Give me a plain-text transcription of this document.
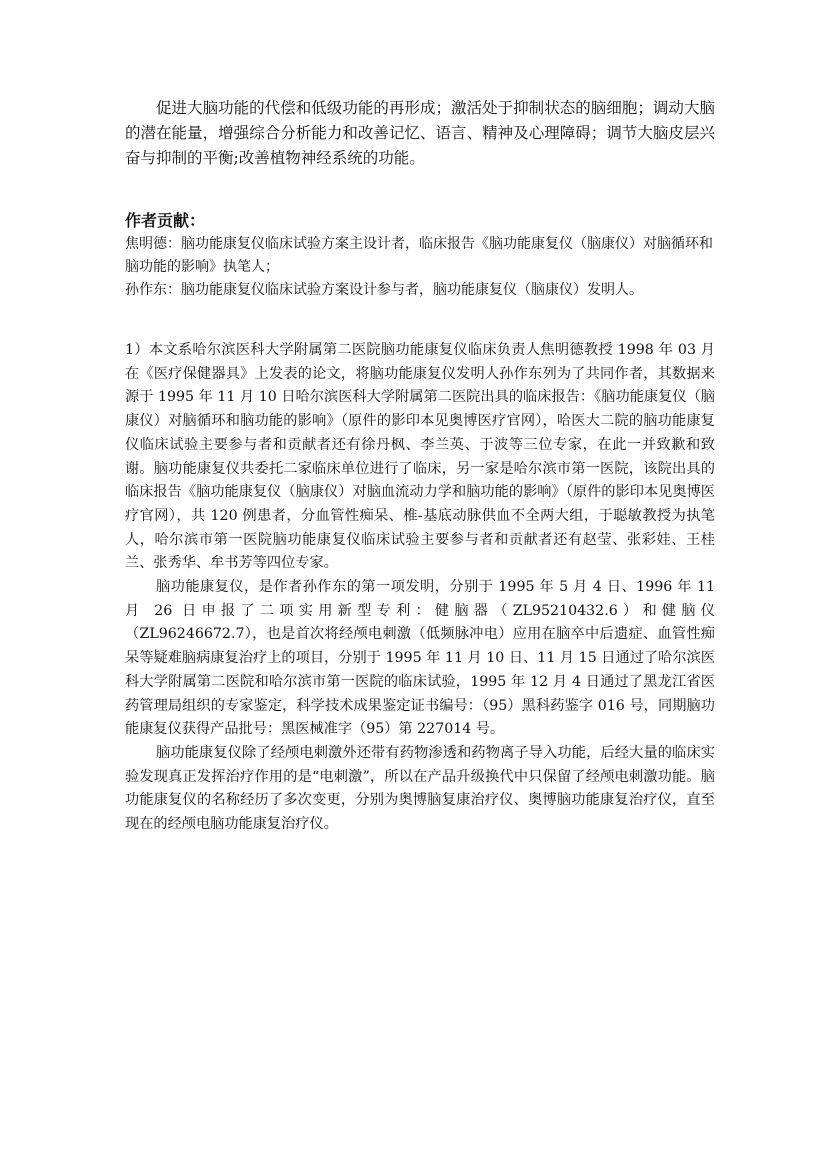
促进大脑功能的代偿和低级功能的再形成；激活处于抑制状态的脑细胞；调动大脑的潜在能量，增强综合分析能力和改善记忆、语言、精神及心理障碍；调节大脑皮层兴奋与抑制的平衡;改善植物神经系统的功能。

作者贡献：

焦明德：脑功能康复仪临床试验方案主设计者，临床报告《脑功能康复仪（脑康仪）对脑循环和脑功能的影响》执笔人；

孙作东：脑功能康复仪临床试验方案设计参与者，脑功能康复仪（脑康仪）发明人。

1）本文系哈尔滨医科大学附属第二医院脑功能康复仪临床负责人焦明德教授 1998 年 03 月在《医疗保健器具》上发表的论文，将脑功能康复仪发明人孙作东列为了共同作者，其数据来源于 1995 年 11 月 10 日哈尔滨医科大学附属第二医院出具的临床报告：《脑功能康复仪（脑康仪）对脑循环和脑功能的影响》（原件的影印本见奥博医疗官网），哈医大二院的脑功能康复仪临床试验主要参与者和贡献者还有徐丹枫、李兰英、于波等三位专家，在此一并致歉和致谢。脑功能康复仪共委托二家临床单位进行了临床，另一家是哈尔滨市第一医院，该院出具的临床报告《脑功能康复仪（脑康仪）对脑血流动力学和脑功能的影响》（原件的影印本见奥博医疗官网），共 120 例患者，分血管性痴呆、椎-基底动脉供血不全两大组，于聪敏教授为执笔人，哈尔滨市第一医院脑功能康复仪临床试验主要参与者和贡献者还有赵莹、张彩娃、王桂兰、张秀华、牟书芳等四位专家。

脑功能康复仪，是作者孙作东的第一项发明，分别于 1995 年 5 月 4 日、1996 年 11 月 26 日申报了二项实用新型专利：健脑器（ZL95210432.6）和健脑仪（ZL96246672.7），也是首次将经颅电刺激（低频脉冲电）应用在脑卒中后遗症、血管性痴呆等疑难脑病康复治疗上的项目，分别于 1995 年 11 月 10 日、11 月 15 日通过了哈尔滨医科大学附属第二医院和哈尔滨市第一医院的临床试验，1995 年 12 月 4 日通过了黑龙江省医药管理局组织的专家鉴定，科学技术成果鉴定证书编号：（95）黑科药鉴字 016 号，同期脑功能康复仪获得产品批号：黑医械准字（95）第 227014 号。

脑功能康复仪除了经颅电刺激外还带有药物渗透和药物离子导入功能，后经大量的临床实验发现真正发挥治疗作用的是“电刺激”，所以在产品升级换代中只保留了经颅电刺激功能。脑功能康复仪的名称经历了多次变更，分别为奥博脑复康治疗仪、奥博脑功能康复治疗仪，直至现在的经颅电脑功能康复治疗仪。
